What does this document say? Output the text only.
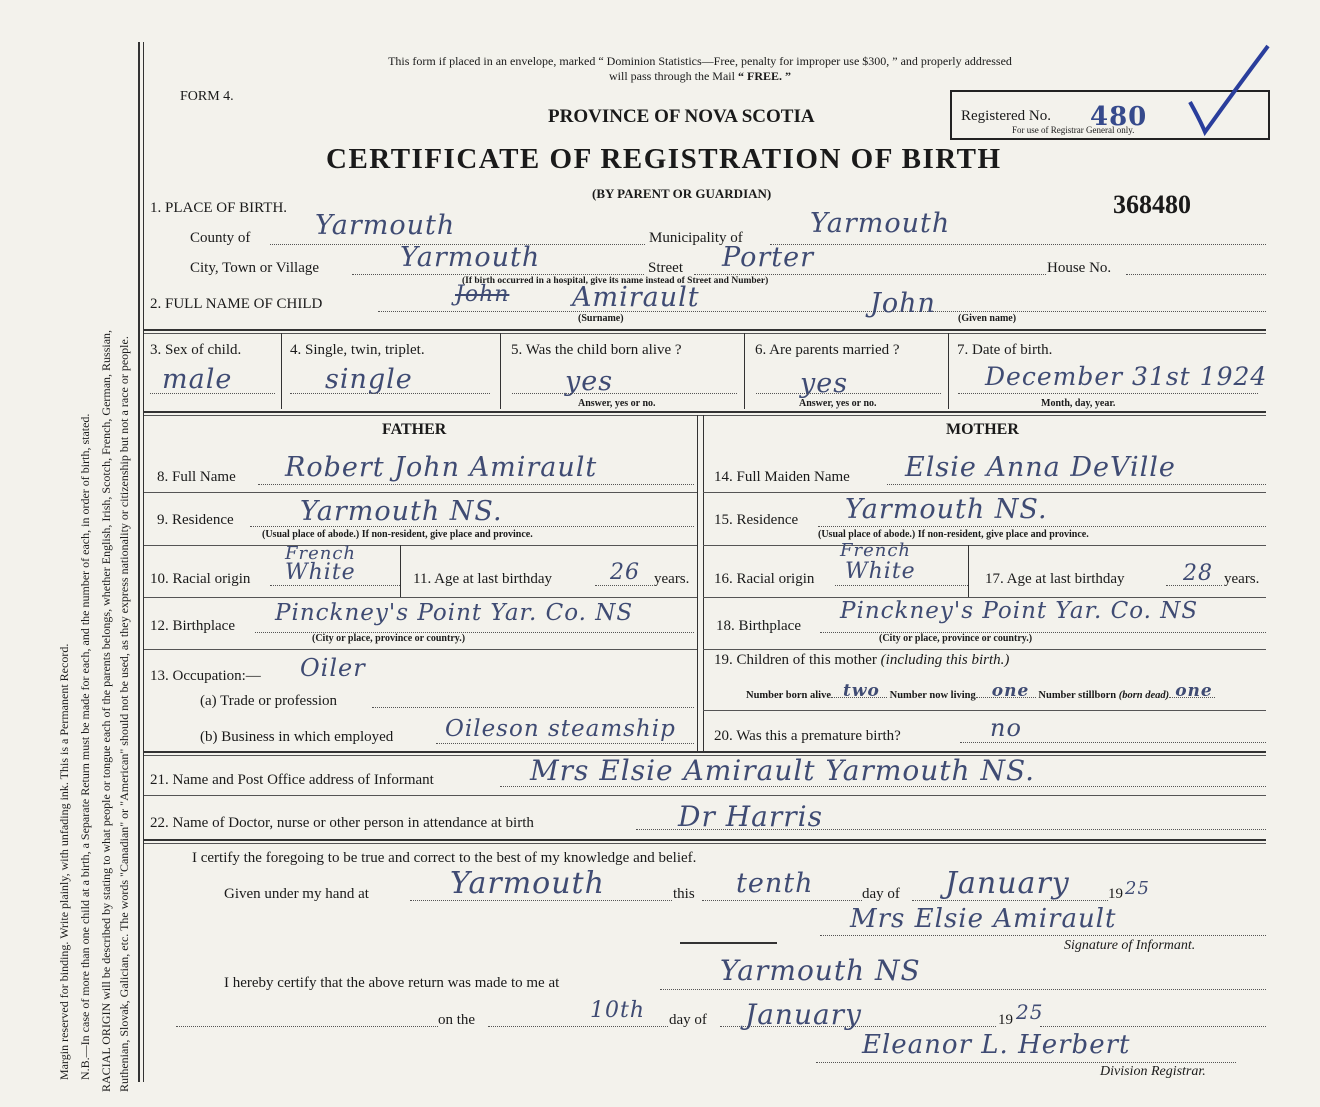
Margin reserved for binding. Write plainly, with unfading ink. This is a Permanent Record. N.B.—In case of more than one child at a birth, a Separate Return must be made for each, and the number of each, in order of birth, stated. RACIAL ORIGIN will be described by stating to what people or tongue each of the parents belongs, whether English, Irish, Scotch, French, German, Russian, Ruthenian, Slovak, Galician, etc. The words "Canadian" or "American" should not be used, as they express nationality or citizenship but not a race or people.
This form if placed in an envelope, marked “ Dominion Statistics—Free, penalty for improper use $300, ” and properly addressed
will pass through the Mail “ FREE. ”
FORM 4.
PROVINCE OF NOVA SCOTIA
CERTIFICATE OF REGISTRATION OF BIRTH
(BY PARENT OR GUARDIAN)	368480
Registered No. 480
For use of Registrar General only.
1. PLACE OF BIRTH.
County of Yarmouth	Municipality of Yarmouth
City, Town or Village	Yarmouth	Street Porter	House No.
(If birth occurred in a hospital, give its name instead of Street and Number)
2. FULL NAME OF CHILD	John Amirault	John
(Surname)	(Given name)
3. Sex of child.
male
4. Single, twin, triplet.
single
5. Was the child born alive ?
yes
Answer, yes or no.
6. Are parents married ?
yes
Answer, yes or no.
7. Date of birth.
December 31st 1924
Month, day, year.
FATHER	MOTHER
8. Full Name Robert John Amirault
9. Residence Yarmouth NS.
(Usual place of abode.) If non-resident, give place and province.
10. Racial origin
French
White	11. Age at last birthday	26 years.
12. Birthplace Pinckney's Point Yar. Co. NS
(City or place, province or country.)
13. Occupation:— Oiler
(a) Trade or profession
(b) Business in which employed Oileson steamship
14. Full Maiden Name Elsie Anna DeVille
15. Residence Yarmouth NS.
(Usual place of abode.) If non-resident, give place and province.
16. Racial origin
French
White	17. Age at last birthday	28 years.
18. Birthplace
Pinckney's Point Yar. Co. NS
(City or place, province or country.)
19. Children of this mother (including this birth.)
Number born alive two Number now living one Number stillborn (born dead) one
20. Was this a premature birth?	no
21. Name and Post Office address of Informant	Mrs Elsie Amirault Yarmouth NS.
22. Name of Doctor, nurse or other person in attendance at birth	Dr Harris
I certify the foregoing to be true and correct to the best of my knowledge and belief.
Given under my hand at	Yarmouth	this tenth	day of January	19 25
Mrs Elsie Amirault
Signature of Informant.
I hereby certify that the above return was made to me at	Yarmouth NS
on the	10th day of January	19 25
Eleanor L. Herbert
Division Registrar.
